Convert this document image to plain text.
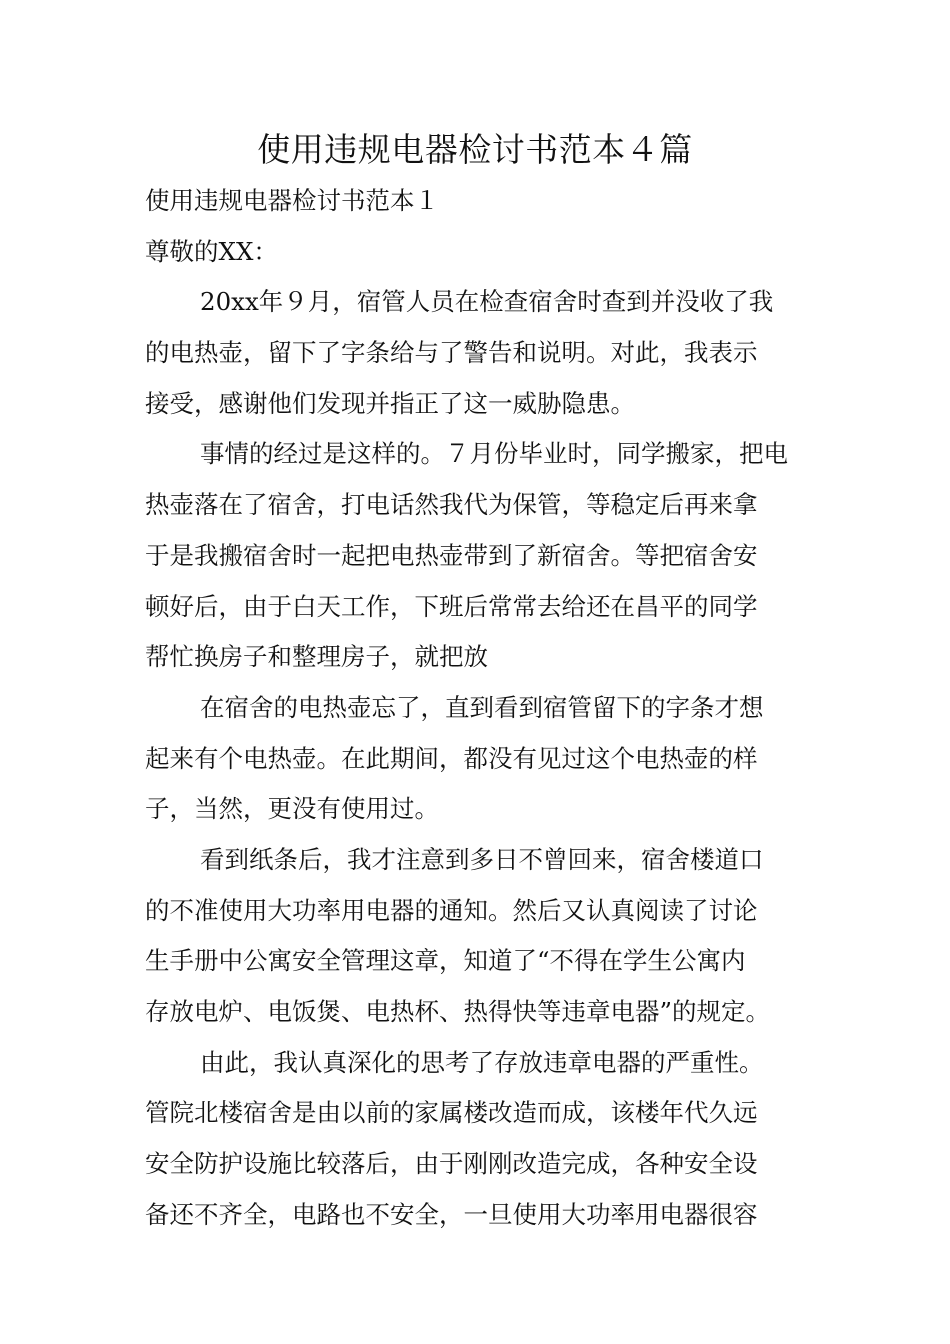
使用违规电器检讨书范本４篇
使用违规电器检讨书范本１
尊敬的XX：
20xx年９月，宿管人员在检查宿舍时查到并没收了我
的电热壶，留下了字条给与了警告和说明。对此，我表示
接受，感谢他们发现并指正了这一威胁隐患。
事情的经过是这样的。７月份毕业时，同学搬家，把电
热壶落在了宿舍，打电话然我代为保管，等稳定后再来拿
于是我搬宿舍时一起把电热壶带到了新宿舍。等把宿舍安
顿好后，由于白天工作，下班后常常去给还在昌平的同学
帮忙换房子和整理房子，就把放
在宿舍的电热壶忘了，直到看到宿管留下的字条才想
起来有个电热壶。在此期间，都没有见过这个电热壶的样
子，当然，更没有使用过。
看到纸条后，我才注意到多日不曾回来，宿舍楼道口
的不准使用大功率用电器的通知。然后又认真阅读了讨论
生手册中公寓安全管理这章，知道了“不得在学生公寓内
存放电炉、电饭煲、电热杯、热得快等违章电器”的规定。
由此，我认真深化的思考了存放违章电器的严重性。
管院北楼宿舍是由以前的家属楼改造而成，该楼年代久远
安全防护设施比较落后，由于刚刚改造完成，各种安全设
备还不齐全，电路也不安全，一旦使用大功率用电器很容
